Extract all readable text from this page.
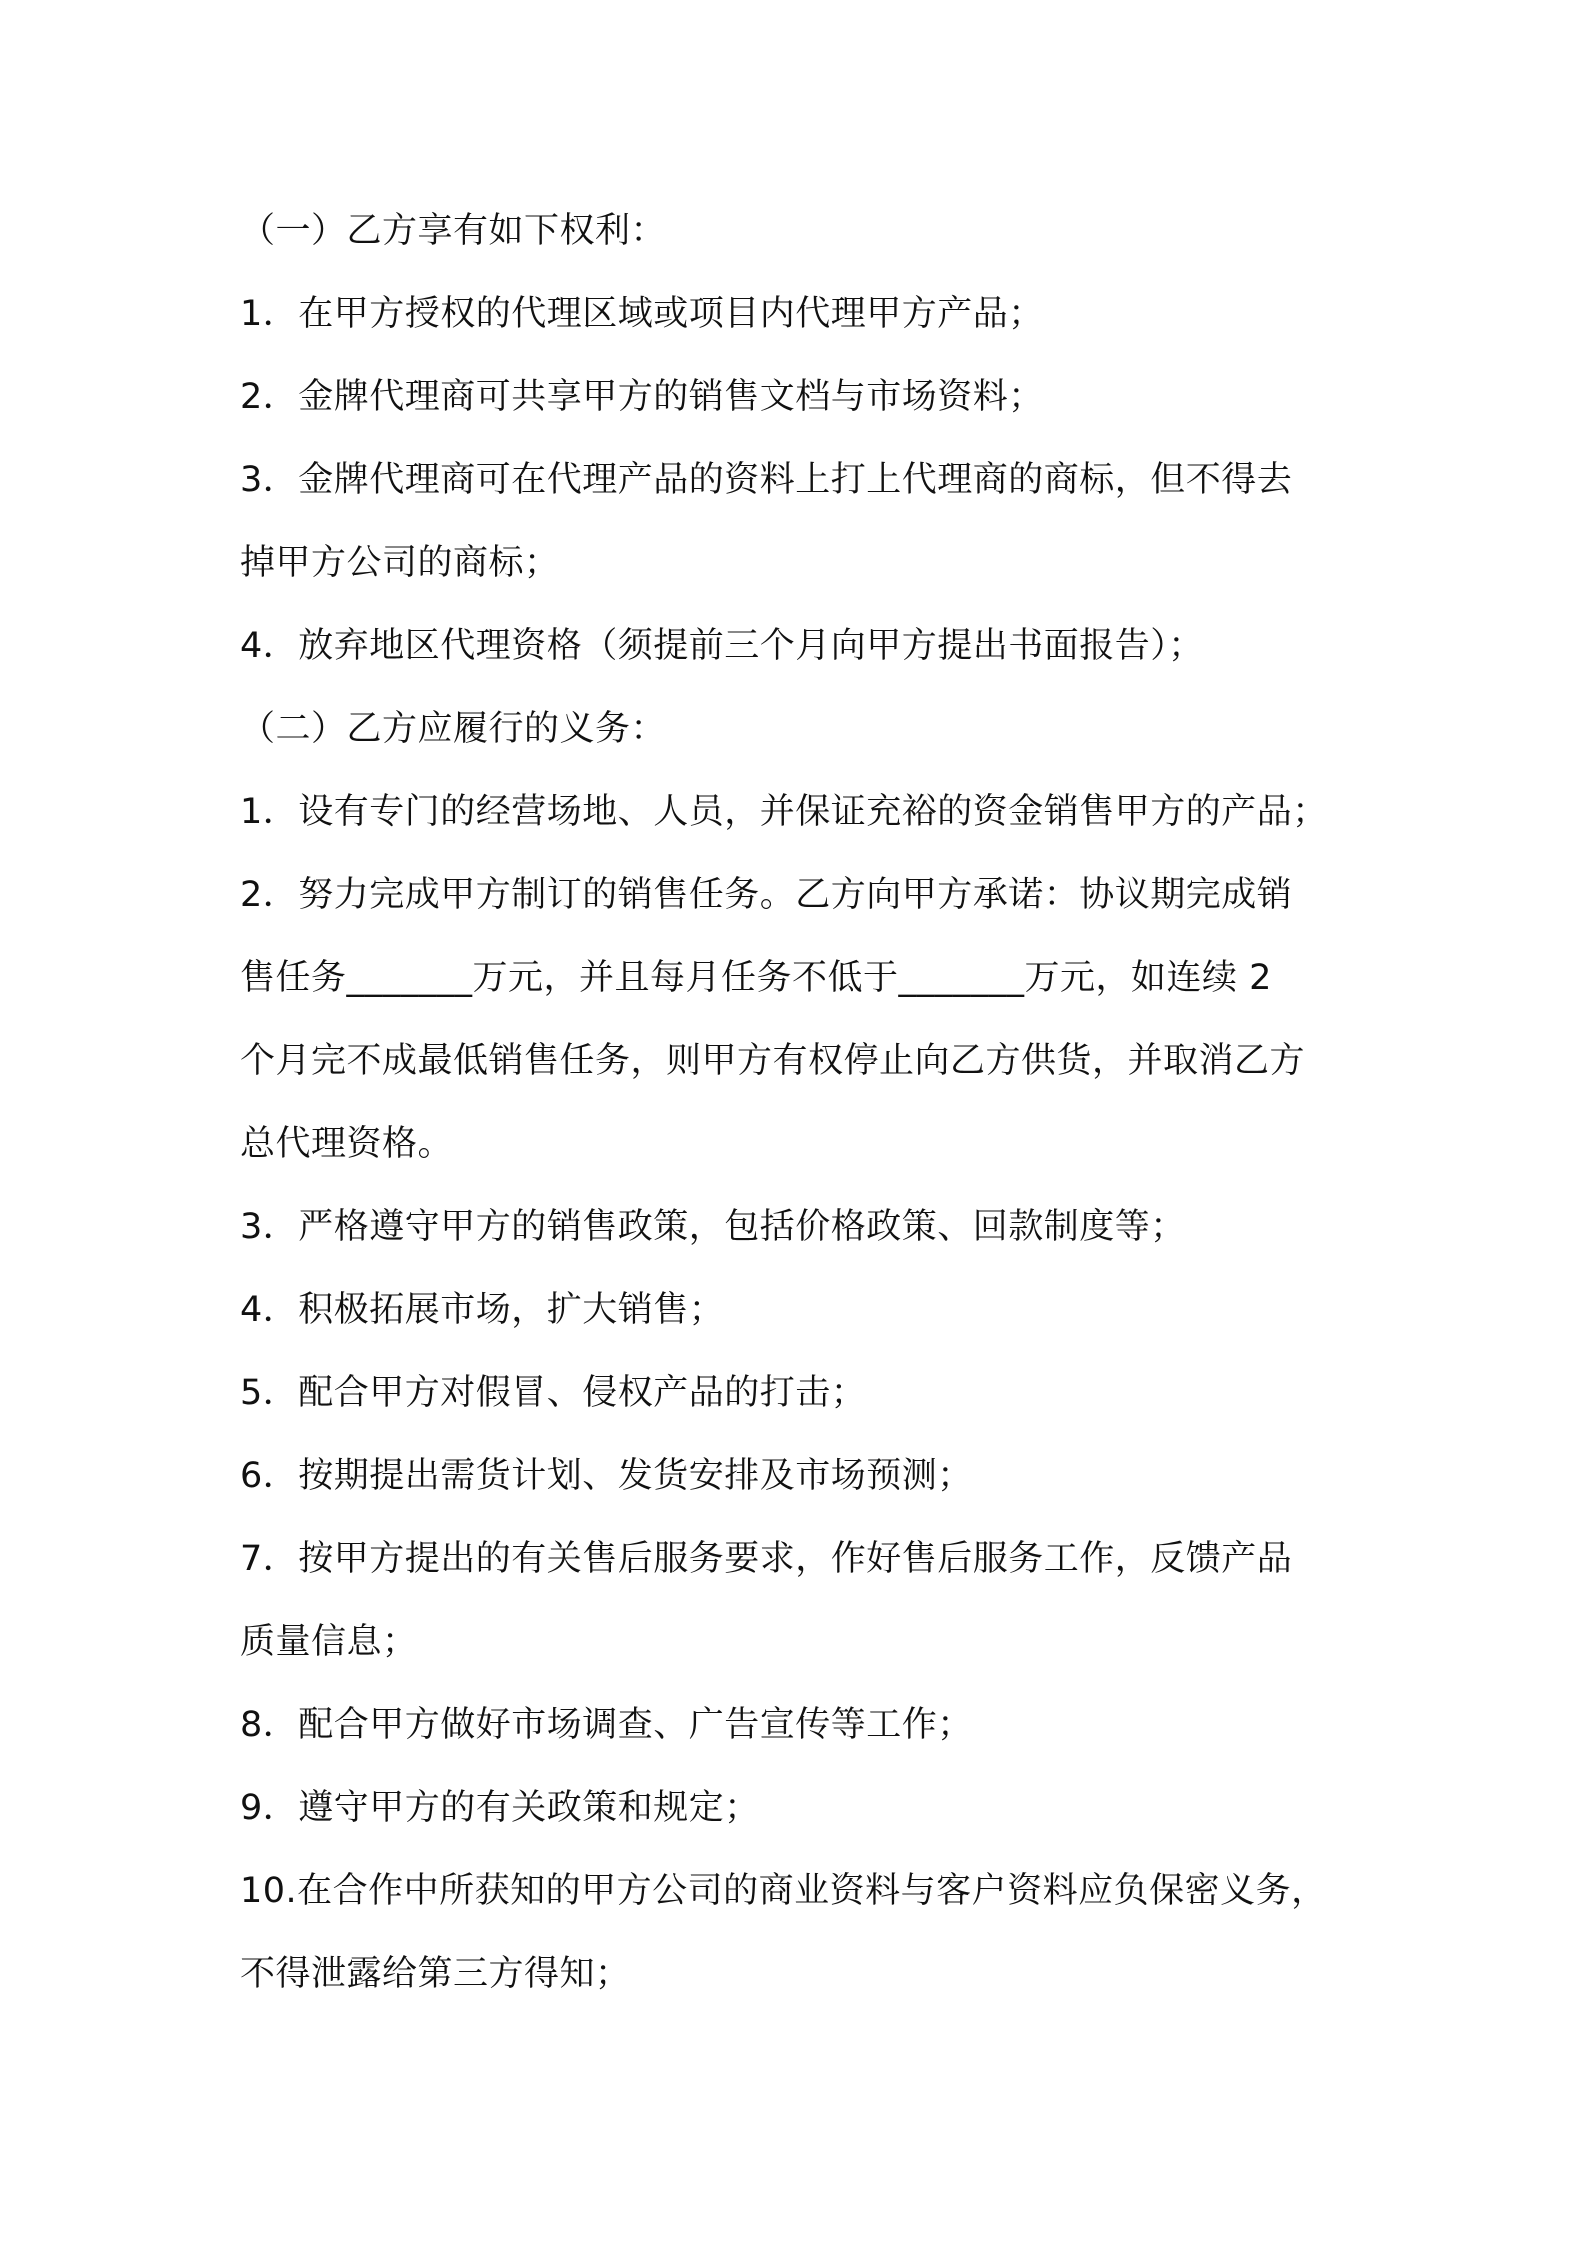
（一）乙方享有如下权利：
1．在甲方授权的代理区域或项目内代理甲方产品；
2．金牌代理商可共享甲方的销售文档与市场资料；
3．金牌代理商可在代理产品的资料上打上代理商的商标，但不得去
掉甲方公司的商标；
4．放弃地区代理资格（须提前三个月向甲方提出书面报告）；
（二）乙方应履行的义务：
1．设有专门的经营场地、人员，并保证充裕的资金销售甲方的产品；
2．努力完成甲方制订的销售任务。乙方向甲方承诺：协议期完成销
售任务_______万元，并且每月任务不低于_______万元，如连续 2
个月完不成最低销售任务，则甲方有权停止向乙方供货，并取消乙方
总代理资格。
3．严格遵守甲方的销售政策，包括价格政策、回款制度等；
4．积极拓展市场，扩大销售；
5．配合甲方对假冒、侵权产品的打击；
6．按期提出需货计划、发货安排及市场预测；
7．按甲方提出的有关售后服务要求，作好售后服务工作，反馈产品
质量信息；
8．配合甲方做好市场调查、广告宣传等工作；
9．遵守甲方的有关政策和规定；
10.在合作中所获知的甲方公司的商业资料与客户资料应负保密义务，
不得泄露给第三方得知；
